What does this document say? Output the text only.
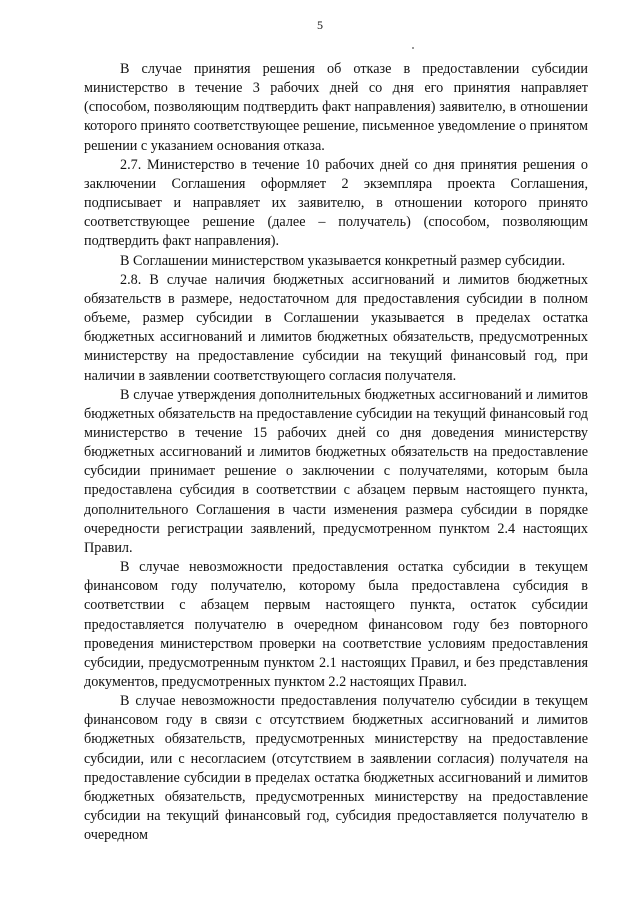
5

В случае принятия решения об отказе в предоставлении субсидии министерство в течение 3 рабочих дней со дня его принятия направляет (способом, позволяющим подтвердить факт направления) заявителю, в отношении которого принято соответствующее решение, письменное уведомление о принятом решении с указанием основания отказа.

2.7. Министерство в течение 10 рабочих дней со дня принятия решения о заключении Соглашения оформляет 2 экземпляра проекта Соглашения, подписывает и направляет их заявителю, в отношении которого принято соответствующее решение (далее – получатель) (способом, позволяющим подтвердить факт направления).

В Соглашении министерством указывается конкретный размер субсидии.

2.8. В случае наличия бюджетных ассигнований и лимитов бюджетных обязательств в размере, недостаточном для предоставления субсидии в полном объеме, размер субсидии в Соглашении указывается в пределах остатка бюджетных ассигнований и лимитов бюджетных обязательств, предусмотренных министерству на предоставление субсидии на текущий финансовый год, при наличии в заявлении соответствующего согласия получателя.

В случае утверждения дополнительных бюджетных ассигнований и лимитов бюджетных обязательств на предоставление субсидии на текущий финансовый год министерство в течение 15 рабочих дней со дня доведения министерству бюджетных ассигнований и лимитов бюджетных обязательств на предоставление субсидии принимает решение о заключении с получателями, которым была предоставлена субсидия в соответствии с абзацем первым настоящего пункта, дополнительного Соглашения в части изменения размера субсидии в порядке очередности регистрации заявлений, предусмотренном пунктом 2.4 настоящих Правил.

В случае невозможности предоставления остатка субсидии в текущем финансовом году получателю, которому была предоставлена субсидия в соответствии с абзацем первым настоящего пункта, остаток субсидии предоставляется получателю в очередном финансовом году без повторного проведения министерством проверки на соответствие условиям предоставления субсидии, предусмотренным пунктом 2.1 настоящих Правил, и без представления документов, предусмотренных пунктом 2.2 настоящих Правил.

В случае невозможности предоставления получателю субсидии в текущем финансовом году в связи с отсутствием бюджетных ассигнований и лимитов бюджетных обязательств, предусмотренных министерству на предоставление субсидии, или с несогласием (отсутствием в заявлении согласия) получателя на предоставление субсидии в пределах остатка бюджетных ассигнований и лимитов бюджетных обязательств, предусмотренных министерству на предоставление субсидии на текущий финансовый год, субсидия предоставляется получателю в очередном
